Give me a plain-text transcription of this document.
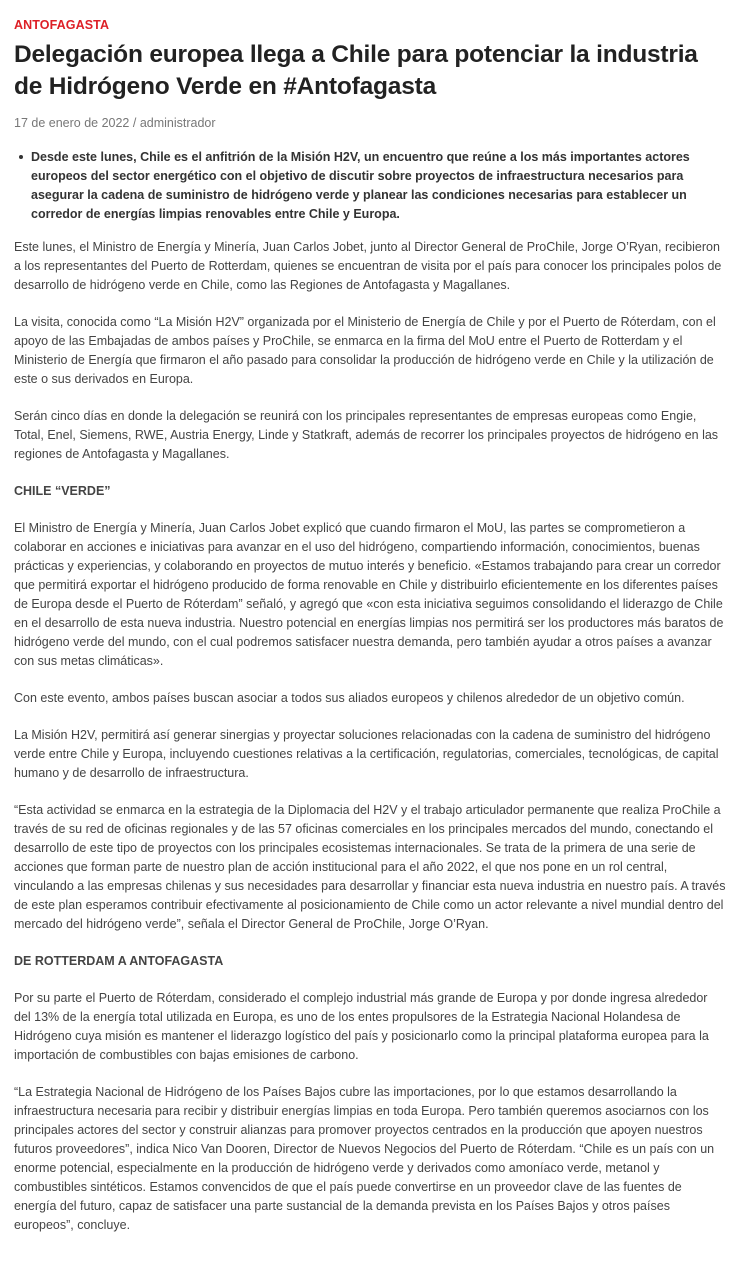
ANTOFAGASTA
Delegación europea llega a Chile para potenciar la industria de Hidrógeno Verde en #Antofagasta
17 de enero de 2022 / administrador
Desde este lunes, Chile es el anfitrión de la Misión H2V, un encuentro que reúne a los más importantes actores europeos del sector energético con el objetivo de discutir sobre proyectos de infraestructura necesarios para asegurar la cadena de suministro de hidrógeno verde y planear las condiciones necesarias para establecer un corredor de energías limpias renovables entre Chile y Europa.

Este lunes, el Ministro de Energía y Minería, Juan Carlos Jobet, junto al Director General de ProChile, Jorge O’Ryan, recibieron a los representantes del Puerto de Rotterdam, quienes se encuentran de visita por el país para conocer los principales polos de desarrollo de hidrógeno verde en Chile, como las Regiones de Antofagasta y Magallanes.

La visita, conocida como “La Misión H2V” organizada por el Ministerio de Energía de Chile y por el Puerto de Róterdam, con el apoyo de las Embajadas de ambos países y ProChile, se enmarca en la firma del MoU entre el Puerto de Rotterdam y el Ministerio de Energía que firmaron el año pasado para consolidar la producción de hidrógeno verde en Chile y la utilización de este o sus derivados en Europa.

Serán cinco días en donde la delegación se reunirá con los principales representantes de empresas europeas como Engie, Total, Enel, Siemens, RWE, Austria Energy, Linde y Statkraft, además de recorrer los principales proyectos de hidrógeno en las regiones de Antofagasta y Magallanes.

CHILE “VERDE”

El Ministro de Energía y Minería, Juan Carlos Jobet explicó que cuando firmaron el MoU, las partes se comprometieron a colaborar en acciones e iniciativas para avanzar en el uso del hidrógeno, compartiendo información, conocimientos, buenas prácticas y experiencias, y colaborando en proyectos de mutuo interés y beneficio. «Estamos trabajando para crear un corredor que permitirá exportar el hidrógeno producido de forma renovable en Chile y distribuirlo eficientemente en los diferentes países de Europa desde el Puerto de Róterdam” señaló, y agregó que «con esta iniciativa seguimos consolidando el liderazgo de Chile en el desarrollo de esta nueva industria. Nuestro potencial en energías limpias nos permitirá ser los productores más baratos de hidrógeno verde del mundo, con el cual podremos satisfacer nuestra demanda, pero también ayudar a otros países a avanzar con sus metas climáticas».

Con este evento, ambos países buscan asociar a todos sus aliados europeos y chilenos alrededor de un objetivo común.

La Misión H2V, permitirá así generar sinergias y proyectar soluciones relacionadas con la cadena de suministro del hidrógeno verde entre Chile y Europa, incluyendo cuestiones relativas a la certificación, regulatorias, comerciales, tecnológicas, de capital humano y de desarrollo de infraestructura.

“Esta actividad se enmarca en la estrategia de la Diplomacia del H2V y el trabajo articulador permanente que realiza ProChile a través de su red de oficinas regionales y de las 57 oficinas comerciales en los principales mercados del mundo, conectando el desarrollo de este tipo de proyectos con los principales ecosistemas internacionales. Se trata de la primera de una serie de acciones que forman parte de nuestro plan de acción institucional para el año 2022, el que nos pone en un rol central, vinculando a las empresas chilenas y sus necesidades para desarrollar y financiar esta nueva industria en nuestro país. A través de este plan esperamos contribuir efectivamente al posicionamiento de Chile como un actor relevante a nivel mundial dentro del mercado del hidrógeno verde”, señala el Director General de ProChile, Jorge O’Ryan.

DE ROTTERDAM A ANTOFAGASTA

Por su parte el Puerto de Róterdam, considerado el complejo industrial más grande de Europa y por donde ingresa alrededor del 13% de la energía total utilizada en Europa, es uno de los entes propulsores de la Estrategia Nacional Holandesa de Hidrógeno cuya misión es mantener el liderazgo logístico del país y posicionarlo como la principal plataforma europea para la importación de combustibles con bajas emisiones de carbono.

“La Estrategia Nacional de Hidrógeno de los Países Bajos cubre las importaciones, por lo que estamos desarrollando la infraestructura necesaria para recibir y distribuir energías limpias en toda Europa. Pero también queremos asociarnos con los principales actores del sector y construir alianzas para promover proyectos centrados en la producción que apoyen nuestros futuros proveedores”, indica Nico Van Dooren, Director de Nuevos Negocios del Puerto de Róterdam. “Chile es un país con un enorme potencial, especialmente en la producción de hidrógeno verde y derivados como amoníaco verde, metanol y combustibles sintéticos. Estamos convencidos de que el país puede convertirse en un proveedor clave de las fuentes de energía del futuro, capaz de satisfacer una parte sustancial de la demanda prevista en los Países Bajos y otros países europeos”, concluye.
